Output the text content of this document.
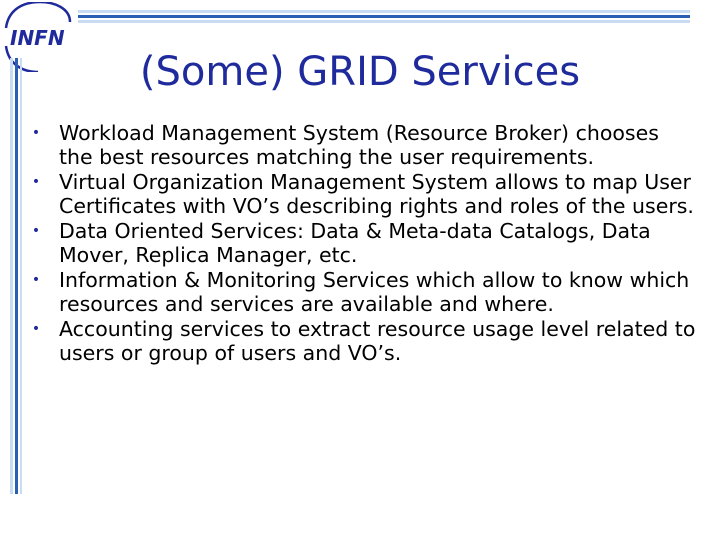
INFN
(Some) GRID Services
• Workload Management System (Resource Broker) chooses the best resources matching the user requirements.
• Virtual Organization Management System allows to map User Certificates with VO’s describing rights and roles of the users.
• Data Oriented Services: Data & Meta-data Catalogs, Data Mover, Replica Manager, etc.
• Information & Monitoring Services which allow to know which resources and services are available and where.
• Accounting services to extract resource usage level related to users or group of users and VO’s.
